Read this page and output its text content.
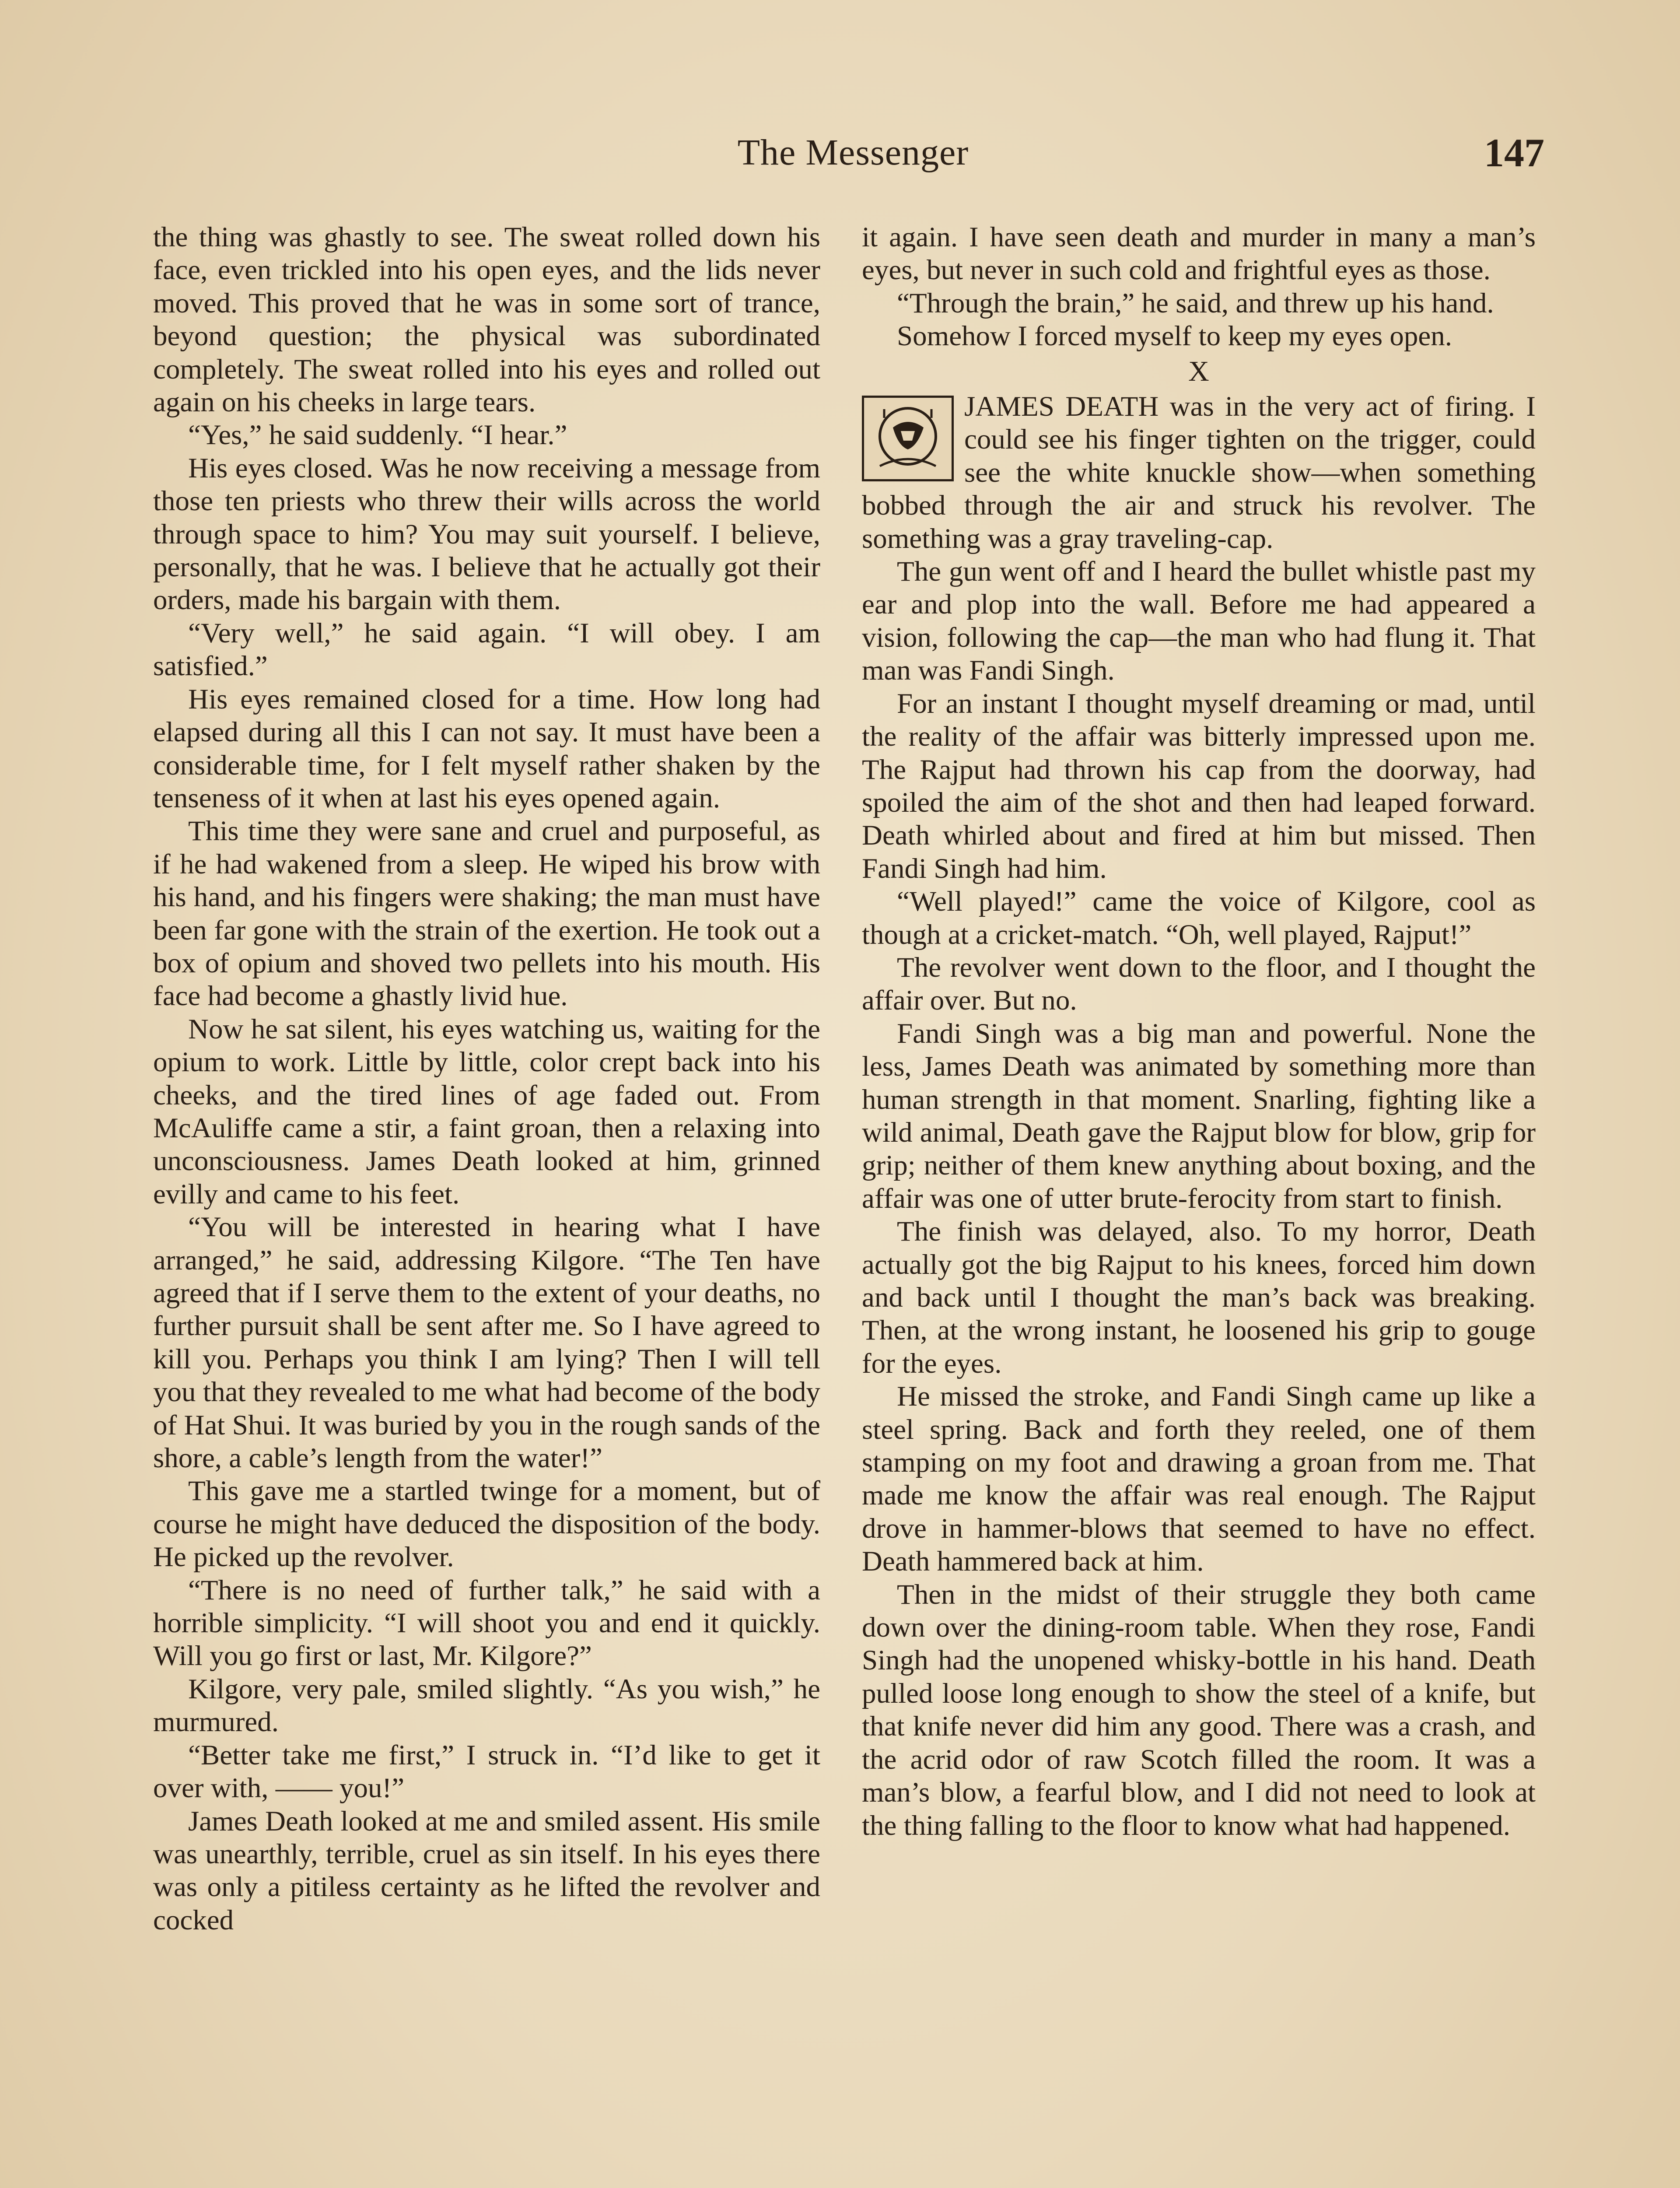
The Messenger	147

the thing was ghastly to see. The sweat rolled down his face, even trickled into his open eyes, and the lids never moved. This proved that he was in some sort of trance, beyond question; the physical was subordinated completely. The sweat rolled into his eyes and rolled out again on his cheeks in large tears.

“Yes,” he said suddenly. “I hear.”

His eyes closed. Was he now receiving a message from those ten priests who threw their wills across the world through space to him? You may suit yourself. I believe, personally, that he was. I believe that he actually got their orders, made his bargain with them.

“Very well,” he said again. “I will obey. I am satisfied.”

His eyes remained closed for a time. How long had elapsed during all this I can not say. It must have been a considerable time, for I felt myself rather shaken by the tenseness of it when at last his eyes opened again.

This time they were sane and cruel and purposeful, as if he had wakened from a sleep. He wiped his brow with his hand, and his fingers were shaking; the man must have been far gone with the strain of the exertion. He took out a box of opium and shoved two pellets into his mouth. His face had become a ghastly livid hue.

Now he sat silent, his eyes watching us, waiting for the opium to work. Little by little, color crept back into his cheeks, and the tired lines of age faded out. From McAuliffe came a stir, a faint groan, then a relaxing into unconsciousness. James Death looked at him, grinned evilly and came to his feet.

“You will be interested in hearing what I have arranged,” he said, addressing Kilgore. “The Ten have agreed that if I serve them to the extent of your deaths, no further pursuit shall be sent after me. So I have agreed to kill you. Perhaps you think I am lying? Then I will tell you that they revealed to me what had become of the body of Hat Shui. It was buried by you in the rough sands of the shore, a cable’s length from the water!”

This gave me a startled twinge for a moment, but of course he might have deduced the disposition of the body. He picked up the revolver.

“There is no need of further talk,” he said with a horrible simplicity. “I will shoot you and end it quickly. Will you go first or last, Mr. Kilgore?”

Kilgore, very pale, smiled slightly. “As you wish,” he murmured.

“Better take me first,” I struck in. “I’d like to get it over with, —— you!”

James Death looked at me and smiled assent. His smile was unearthly, terrible, cruel as sin itself. In his eyes there was only a pitiless certainty as he lifted the revolver and cocked

it again. I have seen death and murder in many a man’s eyes, but never in such cold and frightful eyes as those.

“Through the brain,” he said, and threw up his hand.

Somehow I forced myself to keep my eyes open.

X

JAMES DEATH was in the very act of firing. I could see his finger tighten on the trigger, could see the white knuckle show—when something bobbed through the air and struck his revolver. The something was a gray traveling-cap.

The gun went off and I heard the bullet whistle past my ear and plop into the wall. Before me had appeared a vision, following the cap—the man who had flung it. That man was Fandi Singh.

For an instant I thought myself dreaming or mad, until the reality of the affair was bitterly impressed upon me. The Rajput had thrown his cap from the doorway, had spoiled the aim of the shot and then had leaped forward. Death whirled about and fired at him but missed. Then Fandi Singh had him.

“Well played!” came the voice of Kilgore, cool as though at a cricket-match. “Oh, well played, Rajput!”

The revolver went down to the floor, and I thought the affair over. But no.

Fandi Singh was a big man and powerful. None the less, James Death was animated by something more than human strength in that moment. Snarling, fighting like a wild animal, Death gave the Rajput blow for blow, grip for grip; neither of them knew anything about boxing, and the affair was one of utter brute-ferocity from start to finish.

The finish was delayed, also. To my horror, Death actually got the big Rajput to his knees, forced him down and back until I thought the man’s back was breaking. Then, at the wrong instant, he loosened his grip to gouge for the eyes.

He missed the stroke, and Fandi Singh came up like a steel spring. Back and forth they reeled, one of them stamping on my foot and drawing a groan from me. That made me know the affair was real enough. The Rajput drove in hammer-blows that seemed to have no effect. Death hammered back at him.

Then in the midst of their struggle they both came down over the dining-room table. When they rose, Fandi Singh had the unopened whisky-bottle in his hand. Death pulled loose long enough to show the steel of a knife, but that knife never did him any good. There was a crash, and the acrid odor of raw Scotch filled the room. It was a man’s blow, a fearful blow, and I did not need to look at the thing falling to the floor to know what had happened.
